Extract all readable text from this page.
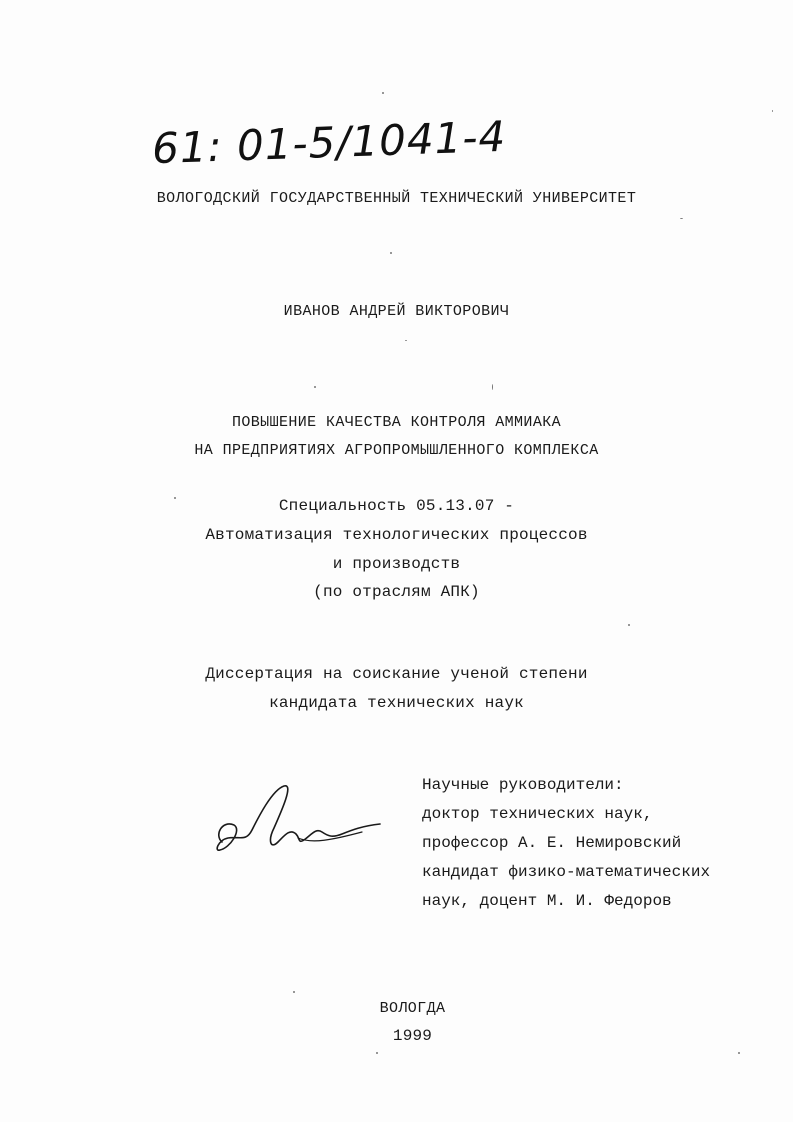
61: 01-5/1041-4
ВОЛОГОДСКИЙ ГОСУДАРСТВЕННЫЙ ТЕХНИЧЕСКИЙ УНИВЕРСИТЕТ
ИВАНОВ АНДРЕЙ ВИКТОРОВИЧ
ПОВЫШЕНИЕ КАЧЕСТВА КОНТРОЛЯ АММИАКА
НА ПРЕДПРИЯТИЯХ АГРОПРОМЫШЛЕННОГО КОМПЛЕКСА
Специальность 05.13.07 -
Автоматизация технологических процессов
и производств
(по отраслям АПК)
Диссертация на соискание ученой степени
кандидата технических наук
Научные руководители:
доктор технических наук,
профессор А. Е. Немировский
кандидат физико-математических
наук, доцент М. И. Федоров
ВОЛОГДА
1999
